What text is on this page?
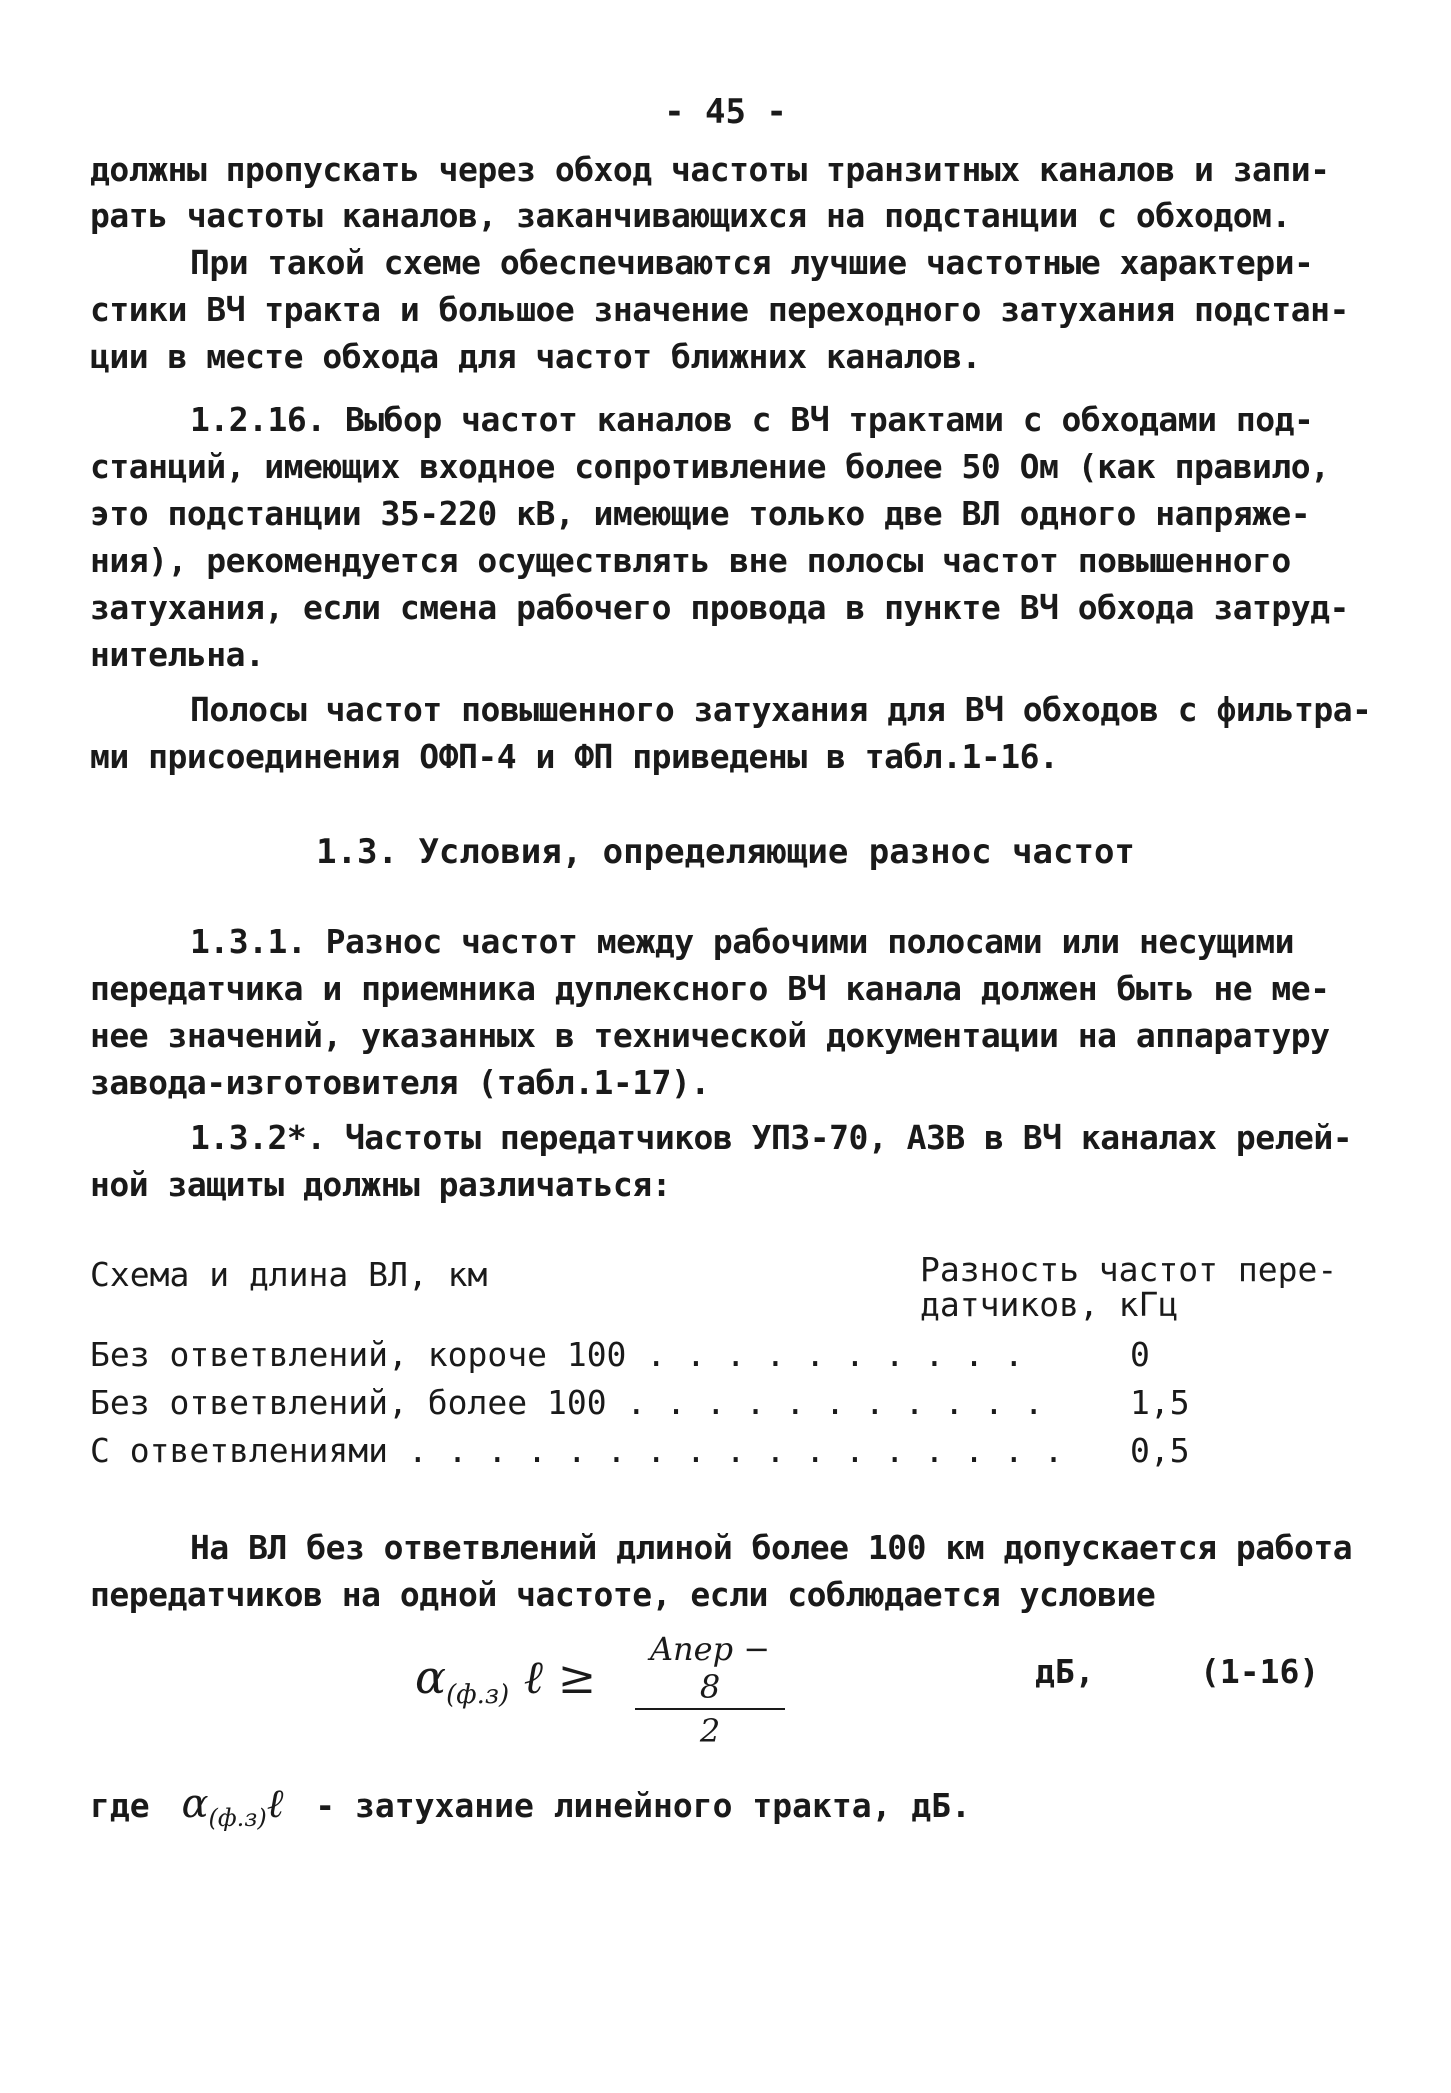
- 45 -
должны пропускать через обход частоты транзитных каналов и запи-
рать частоты каналов, заканчивающихся на подстанции с обходом.
При такой схеме обеспечиваются лучшие частотные характери-
стики ВЧ тракта и большое значение переходного затухания подстан-
ции в месте обхода для частот ближних каналов.
1.2.16. Выбор частот каналов с ВЧ трактами с обходами под-
станций, имеющих входное сопротивление более 50 Ом (как правило,
это подстанции 35-220 кВ, имеющие только две ВЛ одного напряже-
ния), рекомендуется осуществлять вне полосы частот повышенного
затухания, если смена рабочего провода в пункте ВЧ обхода затруд-
нительна.
Полосы частот повышенного затухания для ВЧ обходов с фильтра-
ми присоединения ОФП-4 и ФП приведены в табл.1-16.
1.3. Условия, определяющие разнос частот
1.3.1. Разнос частот между рабочими полосами или несущими
передатчика и приемника дуплексного ВЧ канала должен быть не ме-
нее значений, указанных в технической документации на аппаратуру
завода-изготовителя (табл.1-17).
1.3.2*. Частоты передатчиков УПЗ-70, АЗВ в ВЧ каналах релей-
ной защиты должны различаться:
Схема и длина ВЛ, км	Разность частот пере-
датчиков, кГц
Без ответвлений, короче 100 . . . . . . . . . .	0
Без ответвлений, более 100 . . . . . . . . . . .	1,5
С ответвлениями . . . . . . . . . . . . . . . . . 0,5
На ВЛ без ответвлений длиной более 100 км допускается работа
передатчиков на одной частоте, если соблюдается условие
$\alpha_{(ф.з)}$ ℓ ≥
Aпер − 8
2
дБ,	(1-16)
где $\alpha_{(ф.з)}\ell$ - затухание линейного тракта, дБ.
